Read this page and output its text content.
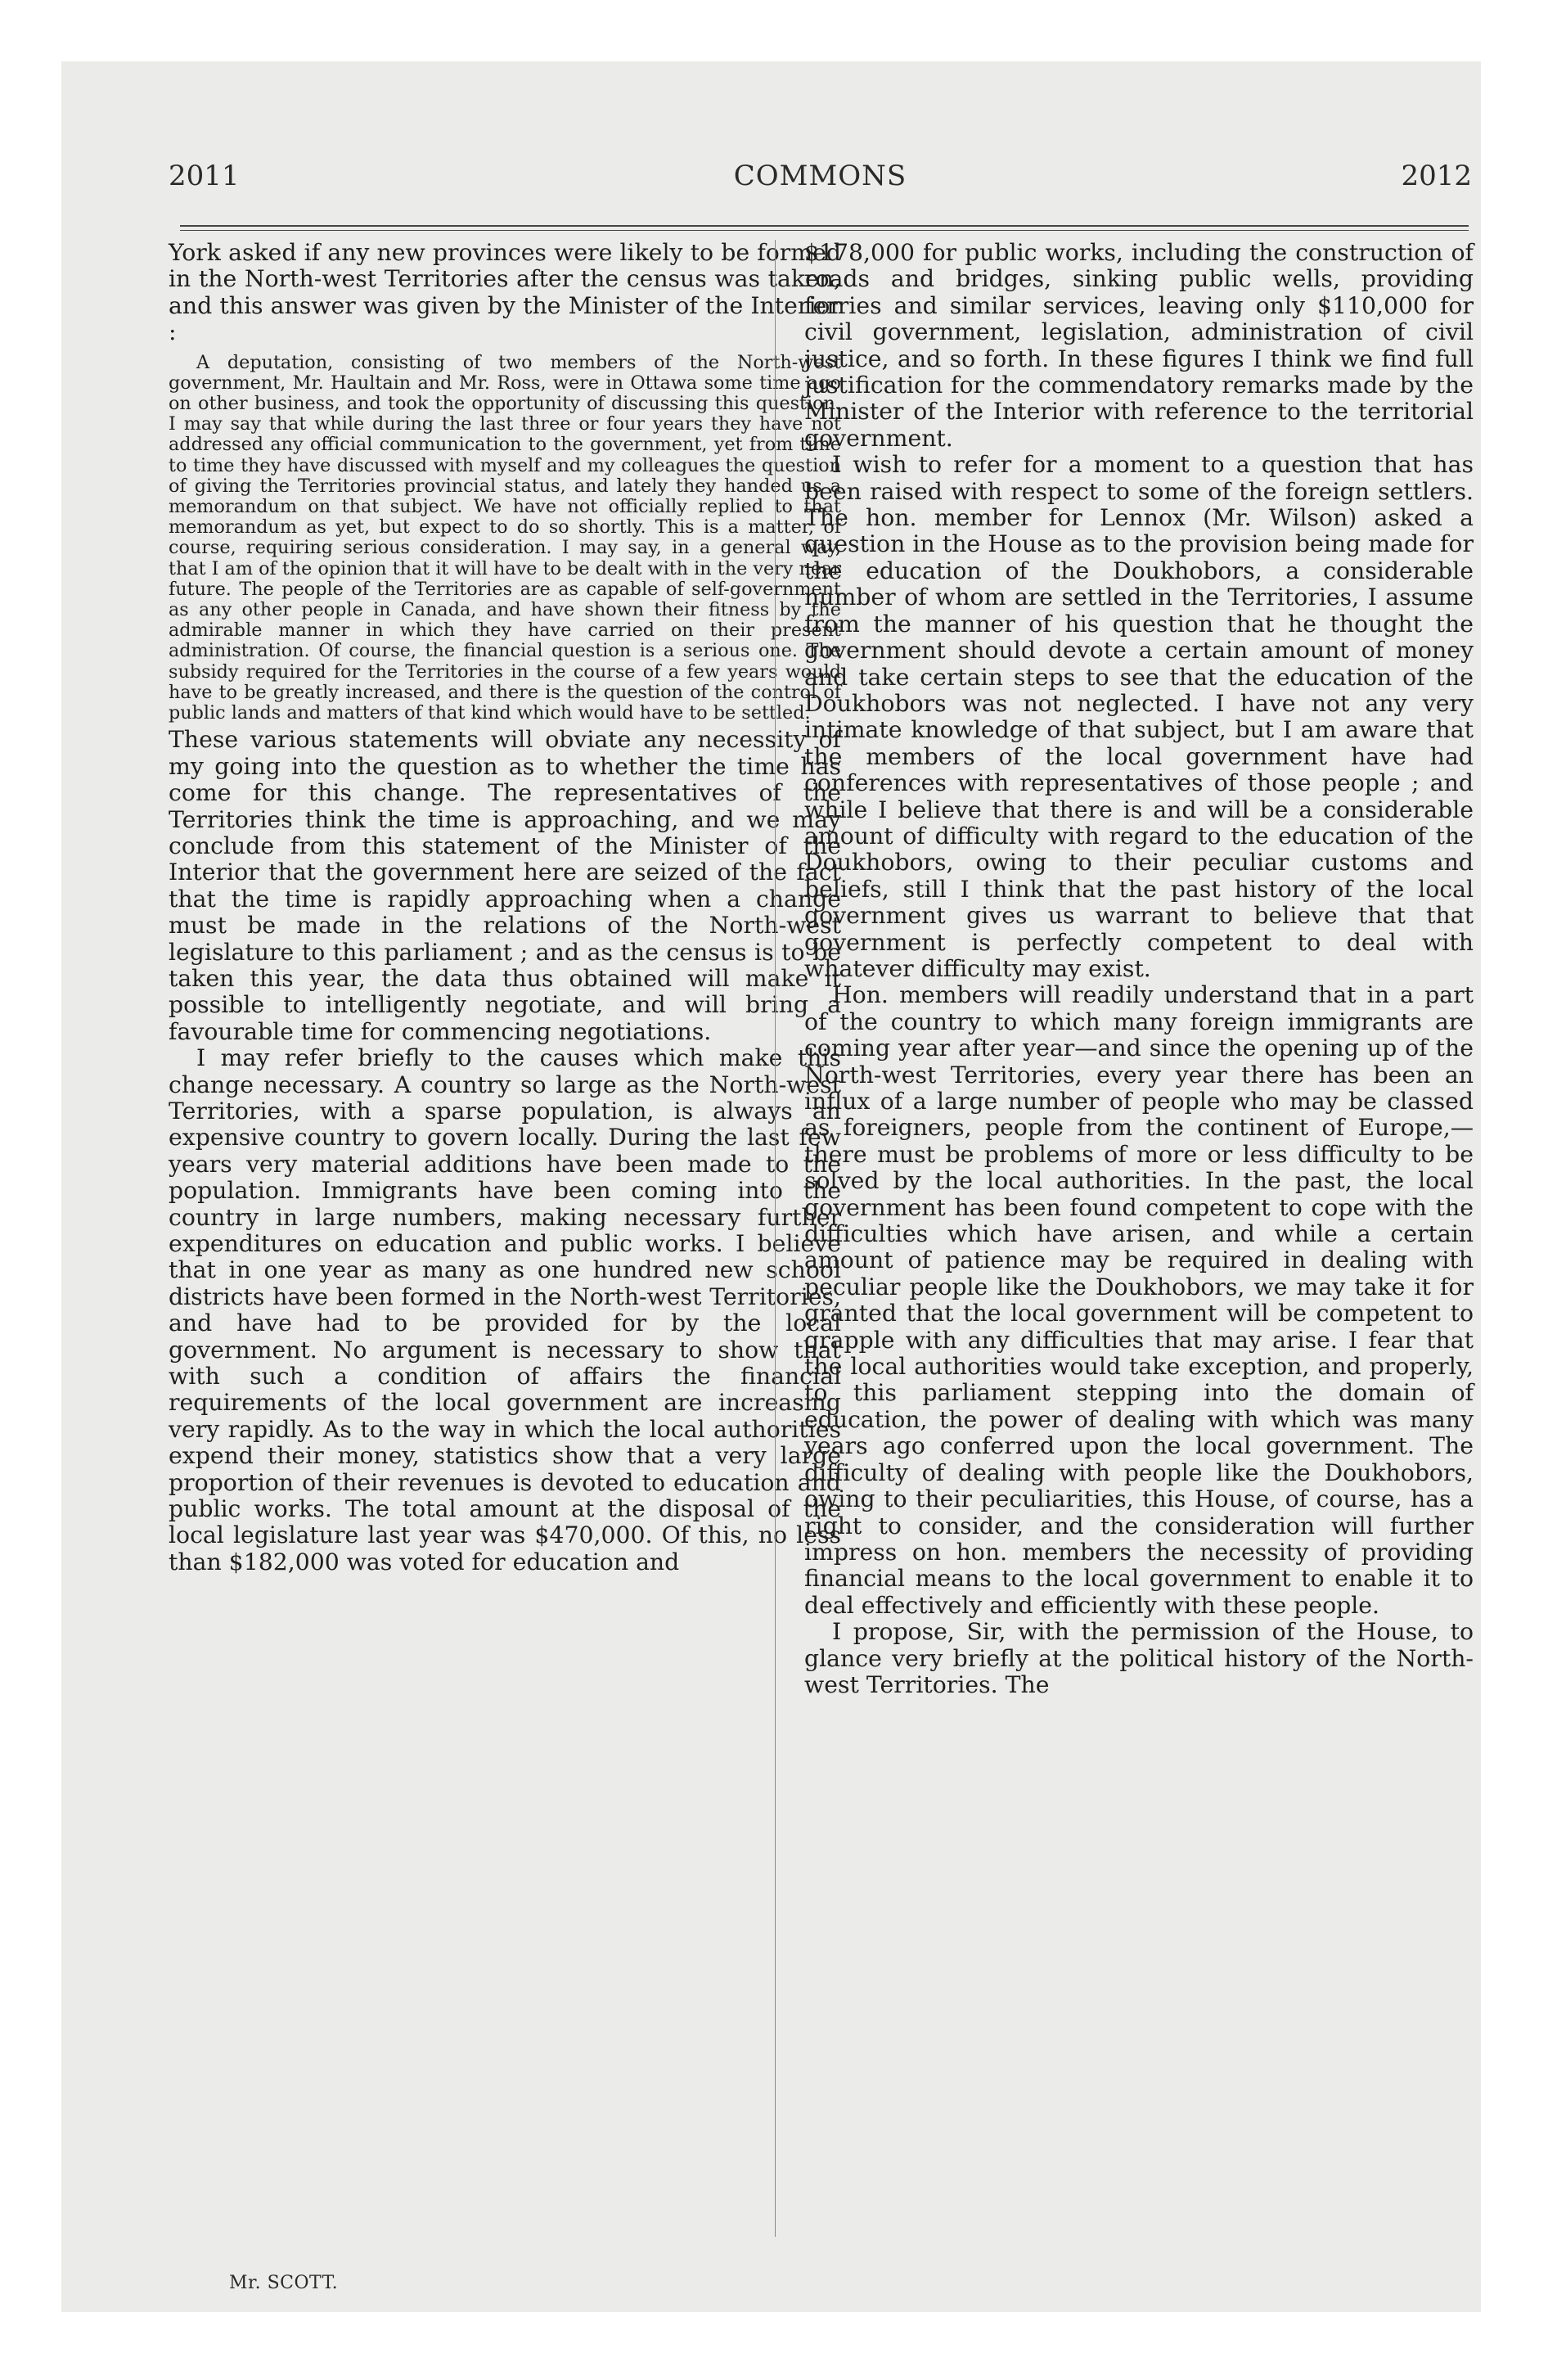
2011	COMMONS	2012

York asked if any new provinces were likely to be formed in the North-west Territories after the census was taken, and this answer was given by the Minister of the Interior :

A deputation, consisting of two members of the North-west government, Mr. Haultain and Mr. Ross, were in Ottawa some time ago on other business, and took the opportunity of discussing this question. I may say that while during the last three or four years they have not addressed any official communication to the government, yet from time to time they have discussed with myself and my colleagues the question of giving the Territories provincial status, and lately they handed us a memorandum on that subject. We have not officially replied to that memorandum as yet, but expect to do so shortly. This is a matter, of course, requiring serious consideration. I may say, in a general way, that I am of the opinion that it will have to be dealt with in the very near future. The people of the Territories are as capable of self-government as any other people in Canada, and have shown their fitness by the admirable manner in which they have carried on their present administration. Of course, the financial question is a serious one. The subsidy required for the Territories in the course of a few years would have to be greatly increased, and there is the question of the control of public lands and matters of that kind which would have to be settled.

These various statements will obviate any necessity of my going into the question as to whether the time has come for this change. The representatives of the Territories think the time is approaching, and we may conclude from this statement of the Minister of the Interior that the government here are seized of the fact that the time is rapidly approaching when a change must be made in the relations of the North-west legislature to this parliament ; and as the census is to be taken this year, the data thus obtained will make it possible to intelligently negotiate, and will bring a favourable time for commencing negotiations.

I may refer briefly to the causes which make this change necessary. A country so large as the North-west Territories, with a sparse population, is always an expensive country to govern locally. During the last few years very material additions have been made to the population. Immigrants have been coming into the country in large numbers, making necessary further expenditures on education and public works. I believe that in one year as many as one hundred new school districts have been formed in the North-west Territories, and have had to be provided for by the local government. No argument is necessary to show that with such a condition of affairs the financial requirements of the local government are increasing very rapidly. As to the way in which the local authorities expend their money, statistics show that a very large proportion of their revenues is devoted to education and public works. The total amount at the disposal of the local legislature last year was $470,000. Of this, no less than $182,000 was voted for education and

$178,000 for public works, including the construction of roads and bridges, sinking public wells, providing ferries and similar services, leaving only $110,000 for civil government, legislation, administration of civil justice, and so forth. In these figures I think we find full justification for the commendatory remarks made by the Minister of the Interior with reference to the territorial government.

I wish to refer for a moment to a question that has been raised with respect to some of the foreign settlers. The hon. member for Lennox (Mr. Wilson) asked a question in the House as to the provision being made for the education of the Doukhobors, a considerable number of whom are settled in the Territories, I assume from the manner of his question that he thought the government should devote a certain amount of money and take certain steps to see that the education of the Doukhobors was not neglected. I have not any very intimate knowledge of that subject, but I am aware that the members of the local government have had conferences with representatives of those people ; and while I believe that there is and will be a considerable amount of difficulty with regard to the education of the Doukhobors, owing to their peculiar customs and beliefs, still I think that the past history of the local government gives us warrant to believe that that government is perfectly competent to deal with whatever difficulty may exist.

Hon. members will readily understand that in a part of the country to which many foreign immigrants are coming year after year—and since the opening up of the North-west Territories, every year there has been an influx of a large number of people who may be classed as foreigners, people from the continent of Europe,—there must be problems of more or less difficulty to be solved by the local authorities. In the past, the local government has been found competent to cope with the difficulties which have arisen, and while a certain amount of patience may be required in dealing with peculiar people like the Doukhobors, we may take it for granted that the local government will be competent to grapple with any difficulties that may arise. I fear that the local authorities would take exception, and properly, to this parliament stepping into the domain of education, the power of dealing with which was many years ago conferred upon the local government. The difficulty of dealing with people like the Doukhobors, owing to their peculiarities, this House, of course, has a right to consider, and the consideration will further impress on hon. members the necessity of providing financial means to the local government to enable it to deal effectively and efficiently with these people.

I propose, Sir, with the permission of the House, to glance very briefly at the political history of the North-west Territories. The

Mr. SCOTT.
